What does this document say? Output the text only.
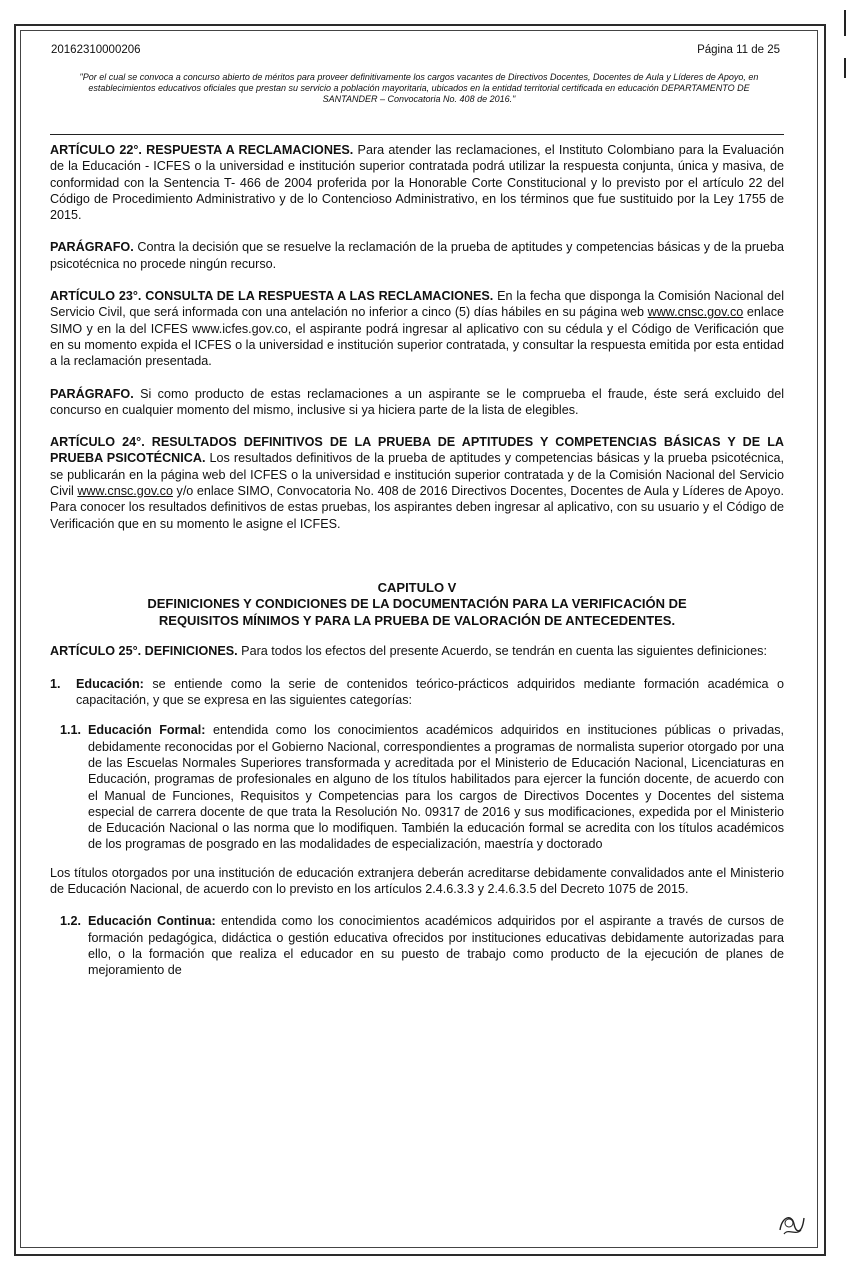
20162310000206	Página 11 de 25
"Por el cual se convoca a concurso abierto de méritos para proveer definitivamente los cargos vacantes de Directivos Docentes, Docentes de Aula y Líderes de Apoyo, en establecimientos educativos oficiales que prestan su servicio a población mayoritaria, ubicados en la entidad territorial certificada en educación DEPARTAMENTO DE SANTANDER – Convocatoria No. 408 de 2016."

ARTÍCULO 22°. RESPUESTA A RECLAMACIONES. Para atender las reclamaciones, el Instituto Colombiano para la Evaluación de la Educación - ICFES o la universidad e institución superior contratada podrá utilizar la respuesta conjunta, única y masiva, de conformidad con la Sentencia T- 466 de 2004 proferida por la Honorable Corte Constitucional y lo previsto por el artículo 22 del Código de Procedimiento Administrativo y de lo Contencioso Administrativo, en los términos que fue sustituido por la Ley 1755 de 2015.

PARÁGRAFO. Contra la decisión que se resuelve la reclamación de la prueba de aptitudes y competencias básicas y de la prueba psicotécnica no procede ningún recurso.

ARTÍCULO 23°. CONSULTA DE LA RESPUESTA A LAS RECLAMACIONES. En la fecha que disponga la Comisión Nacional del Servicio Civil, que será informada con una antelación no inferior a cinco (5) días hábiles en su página web www.cnsc.gov.co enlace SIMO y en la del ICFES www.icfes.gov.co, el aspirante podrá ingresar al aplicativo con su cédula y el Código de Verificación que en su momento expida el ICFES o la universidad e institución superior contratada, y consultar la respuesta emitida por esta entidad a la reclamación presentada.

PARÁGRAFO. Si como producto de estas reclamaciones a un aspirante se le comprueba el fraude, éste será excluido del concurso en cualquier momento del mismo, inclusive si ya hiciera parte de la lista de elegibles.

ARTÍCULO 24°. RESULTADOS DEFINITIVOS DE LA PRUEBA DE APTITUDES Y COMPETENCIAS BÁSICAS Y DE LA PRUEBA PSICOTÉCNICA. Los resultados definitivos de la prueba de aptitudes y competencias básicas y la prueba psicotécnica, se publicarán en la página web del ICFES o la universidad e institución superior contratada y de la Comisión Nacional del Servicio Civil www.cnsc.gov.co y/o enlace SIMO, Convocatoria No. 408 de 2016 Directivos Docentes, Docentes de Aula y Líderes de Apoyo. Para conocer los resultados definitivos de estas pruebas, los aspirantes deben ingresar al aplicativo, con su usuario y el Código de Verificación que en su momento le asigne el ICFES.

CAPITULO V
DEFINICIONES Y CONDICIONES DE LA DOCUMENTACIÓN PARA LA VERIFICACIÓN DE
REQUISITOS MÍNIMOS Y PARA LA PRUEBA DE VALORACIÓN DE ANTECEDENTES.

ARTÍCULO 25°. DEFINICIONES. Para todos los efectos del presente Acuerdo, se tendrán en cuenta las siguientes definiciones:

1.	Educación: se entiende como la serie de contenidos teórico-prácticos adquiridos mediante formación académica o capacitación, y que se expresa en las siguientes categorías:
1.1. Educación Formal: entendida como los conocimientos académicos adquiridos en instituciones públicas o privadas, debidamente reconocidas por el Gobierno Nacional, correspondientes a programas de normalista superior otorgado por una de las Escuelas Normales Superiores transformada y acreditada por el Ministerio de Educación Nacional, Licenciaturas en Educación, programas de profesionales en alguno de los títulos habilitados para ejercer la función docente, de acuerdo con el Manual de Funciones, Requisitos y Competencias para los cargos de Directivos Docentes y Docentes del sistema especial de carrera docente de que trata la Resolución No. 09317 de 2016 y sus modificaciones, expedida por el Ministerio de Educación Nacional o las norma que lo modifiquen. También la educación formal se acredita con los títulos académicos de los programas de posgrado en las modalidades de especialización, maestría y doctorado

Los títulos otorgados por una institución de educación extranjera deberán acreditarse debidamente convalidados ante el Ministerio de Educación Nacional, de acuerdo con lo previsto en los artículos 2.4.6.3.3 y 2.4.6.3.5 del Decreto 1075 de 2015.

1.2. Educación Continua: entendida como los conocimientos académicos adquiridos por el aspirante a través de cursos de formación pedagógica, didáctica o gestión educativa ofrecidos por instituciones educativas debidamente autorizadas para ello, o la formación que realiza el educador en su puesto de trabajo como producto de la ejecución de planes de mejoramiento de
